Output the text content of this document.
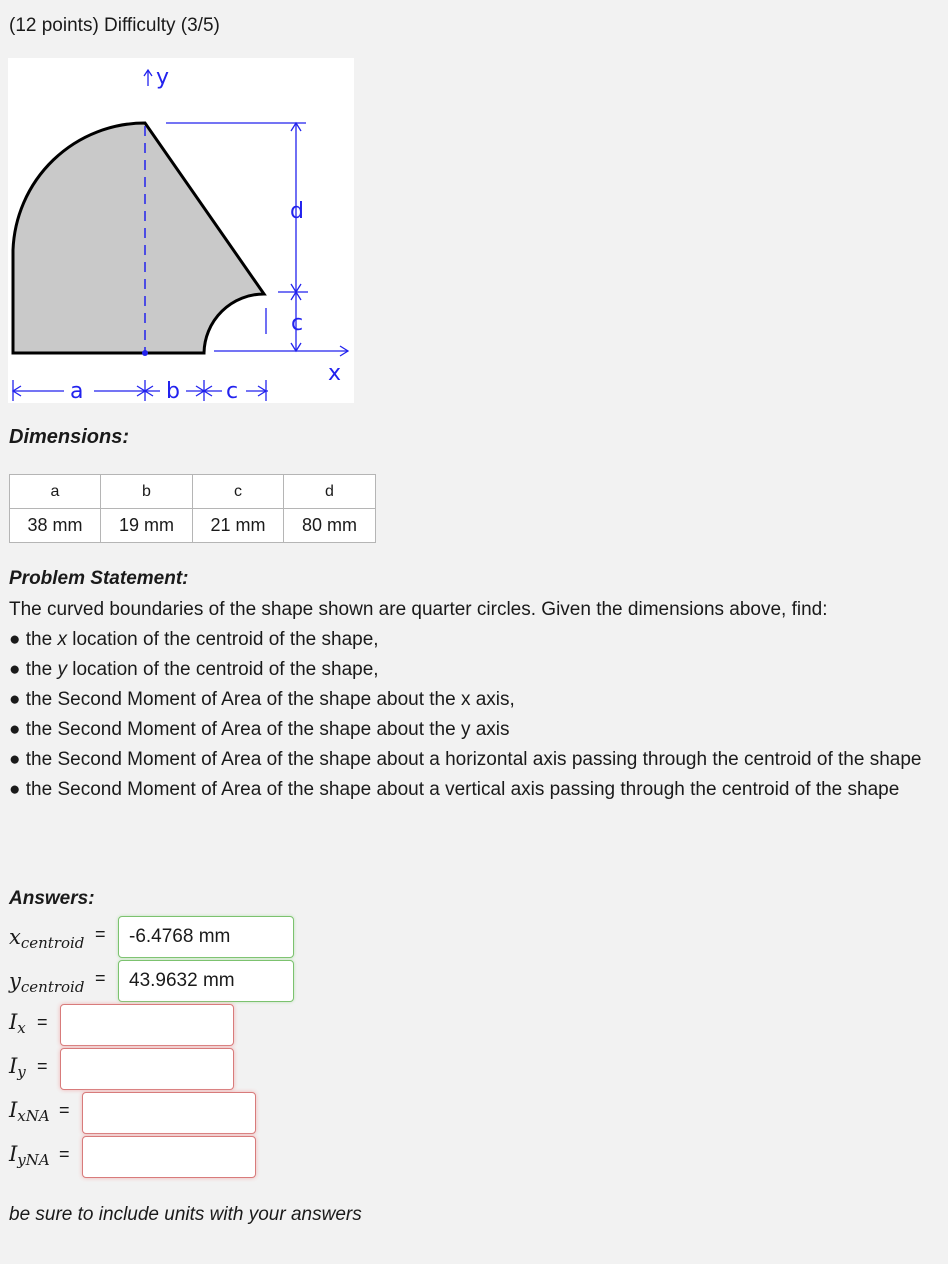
(12 points) Difficulty (3/5)
y
x
d
c
a	b c
Dimensions:
a	b	c	d
38 mm	19 mm	21 mm	80 mm
Problem Statement:

The curved boundaries of the shape shown are quarter circles. Given the dimensions above, find:

● the x location of the centroid of the shape,

● the y location of the centroid of the shape,

● the Second Moment of Area of the shape about the x axis,

● the Second Moment of Area of the shape about the y axis

● the Second Moment of Area of the shape about a horizontal axis passing through the centroid of the shape

● the Second Moment of Area of the shape about a vertical axis passing through the centroid of the shape

Answers:
xcentroid =	-6.4768 mm
ycentroid =	43.9632 mm
Ix =
Iy =
IxNA =
IyNA =
be sure to include units with your answers
